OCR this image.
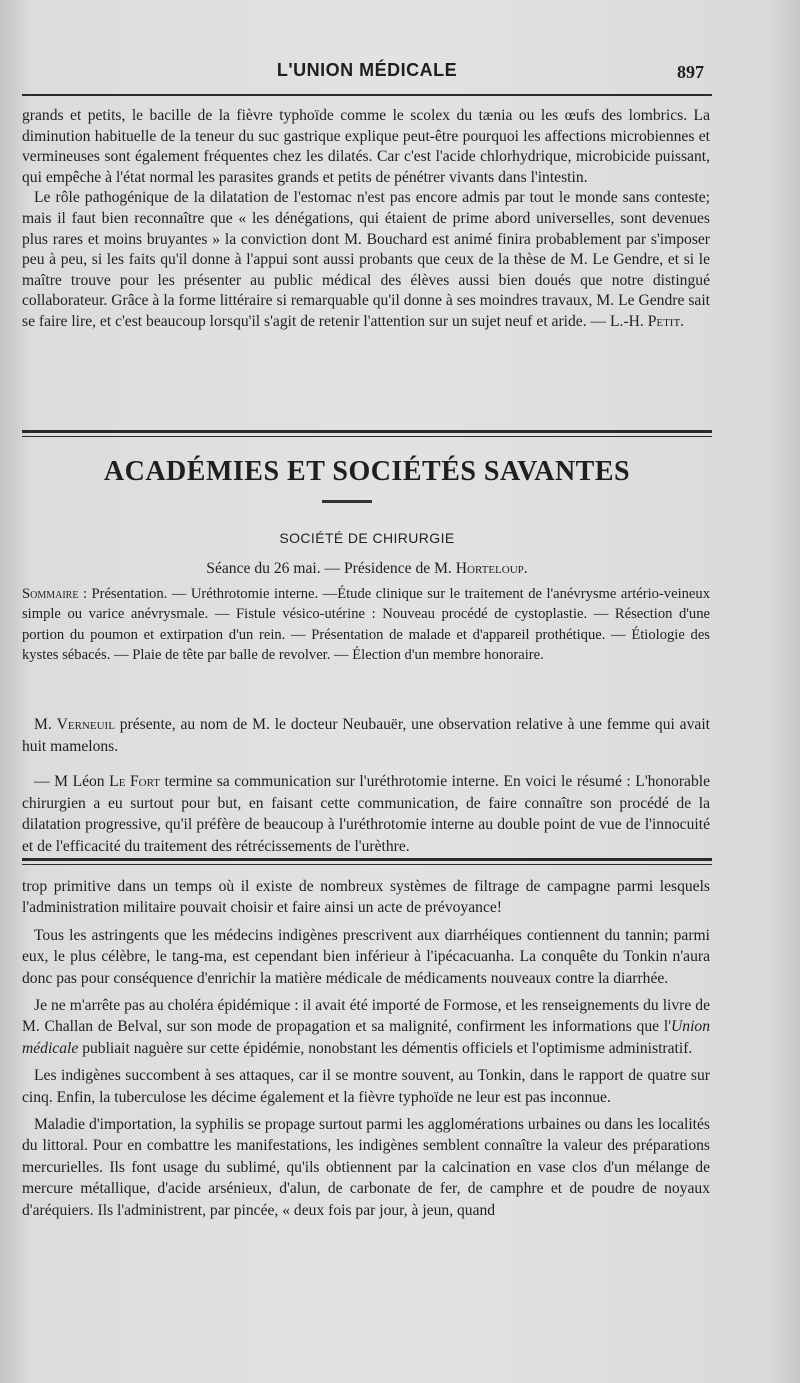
L'UNION MÉDICALE	897

grands et petits, le bacille de la fièvre typhoïde comme le scolex du tænia ou les œufs des lombrics. La diminution habituelle de la teneur du suc gastrique explique peut-être pourquoi les affections microbiennes et vermineuses sont également fréquentes chez les dilatés. Car c'est l'acide chlorhydrique, microbicide puissant, qui empêche à l'état normal les parasites grands et petits de pénétrer vivants dans l'intestin.

Le rôle pathogénique de la dilatation de l'estomac n'est pas encore admis par tout le monde sans conteste; mais il faut bien reconnaître que « les dénégations, qui étaient de prime abord universelles, sont devenues plus rares et moins bruyantes » la conviction dont M. Bouchard est animé finira probablement par s'imposer peu à peu, si les faits qu'il donne à l'appui sont aussi probants que ceux de la thèse de M. Le Gendre, et si le maître trouve pour les présenter au public médical des élèves aussi bien doués que notre distingué collaborateur. Grâce à la forme littéraire si remarquable qu'il donne à ses moindres travaux, M. Le Gendre sait se faire lire, et c'est beaucoup lorsqu'il s'agit de retenir l'attention sur un sujet neuf et aride. — L.-H. Petit.

ACADÉMIES ET SOCIÉTÉS SAVANTES
SOCIÉTÉ DE CHIRURGIE
Séance du 26 mai. — Présidence de M. Horteloup.

Sommaire : Présentation. — Uréthrotomie interne. —Étude clinique sur le traitement de l'anévrysme artério-veineux simple ou varice anévrysmale. — Fistule vésico-utérine : Nouveau procédé de cystoplastie. — Résection d'une portion du poumon et extirpation d'un rein. — Présentation de malade et d'appareil prothétique. — Étiologie des kystes sébacés. — Plaie de tête par balle de revolver. — Élection d'un membre honoraire.

M. Verneuil présente, au nom de M. le docteur Neubauër, une observation relative à une femme qui avait huit mamelons.

— M Léon Le Fort termine sa communication sur l'uréthrotomie interne. En voici le résumé : L'honorable chirurgien a eu surtout pour but, en faisant cette communication, de faire connaître son procédé de la dilatation progressive, qu'il préfère de beaucoup à l'uréthrotomie interne au double point de vue de l'innocuité et de l'efficacité du traitement des rétrécissements de l'urèthre.

trop primitive dans un temps où il existe de nombreux systèmes de filtrage de campagne parmi lesquels l'administration militaire pouvait choisir et faire ainsi un acte de prévoyance!

Tous les astringents que les médecins indigènes prescrivent aux diarrhéiques contiennent du tannin; parmi eux, le plus célèbre, le tang-ma, est cependant bien inférieur à l'ipécacuanha. La conquête du Tonkin n'aura donc pas pour conséquence d'enrichir la matière médicale de médicaments nouveaux contre la diarrhée.

Je ne m'arrête pas au choléra épidémique : il avait été importé de Formose, et les renseignements du livre de M. Challan de Belval, sur son mode de propagation et sa malignité, confirment les informations que l'Union médicale publiait naguère sur cette épidémie, nonobstant les démentis officiels et l'optimisme administratif.

Les indigènes succombent à ses attaques, car il se montre souvent, au Tonkin, dans le rapport de quatre sur cinq. Enfin, la tuberculose les décime également et la fièvre typhoïde ne leur est pas inconnue.

Maladie d'importation, la syphilis se propage surtout parmi les agglomérations urbaines ou dans les localités du littoral. Pour en combattre les manifestations, les indigènes semblent connaître la valeur des préparations mercurielles. Ils font usage du sublimé, qu'ils obtiennent par la calcination en vase clos d'un mélange de mercure métallique, d'acide arsénieux, d'alun, de carbonate de fer, de camphre et de poudre de noyaux d'aréquiers. Ils l'administrent, par pincée, « deux fois par jour, à jeun, quand
